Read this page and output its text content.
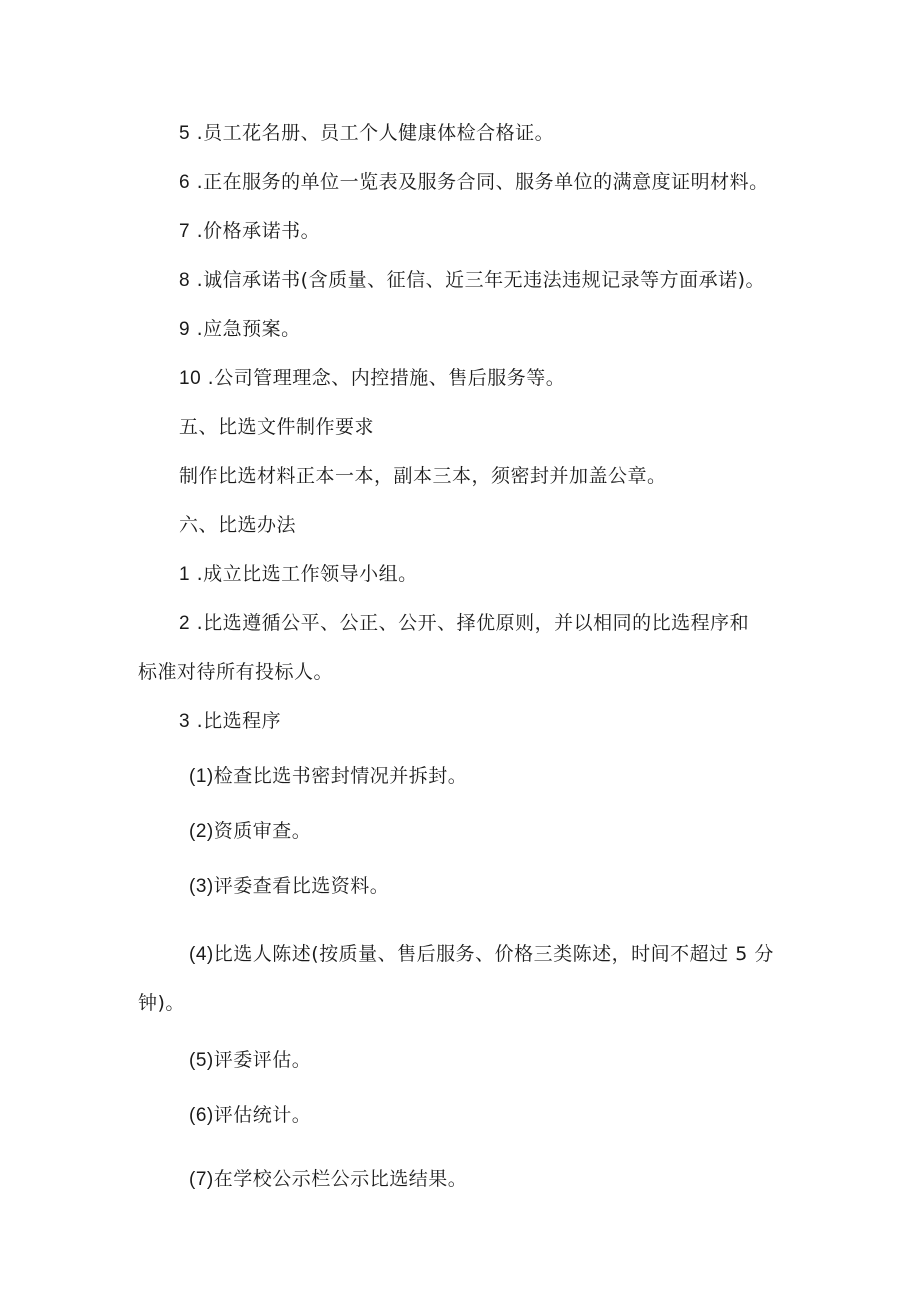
5 .员工花名册、员工个人健康体检合格证。
6 .正在服务的单位一览表及服务合同、服务单位的满意度证明材料。
7 .价格承诺书。
8 .诚信承诺书(含质量、征信、近三年无违法违规记录等方面承诺)。
9 .应急预案。
10 .公司管理理念、内控措施、售后服务等。
五、比选文件制作要求
制作比选材料正本一本，副本三本，须密封并加盖公章。
六、比选办法
1 .成立比选工作领导小组。
2 .比选遵循公平、公正、公开、择优原则，并以相同的比选程序和
标准对待所有投标人。
3 .比选程序
(1)检查比选书密封情况并拆封。
(2)资质审查。
(3)评委查看比选资料。
(4)比选人陈述(按质量、售后服务、价格三类陈述，时间不超过 5 分
钟)。
(5)评委评估。
(6)评估统计。
(7)在学校公示栏公示比选结果。
